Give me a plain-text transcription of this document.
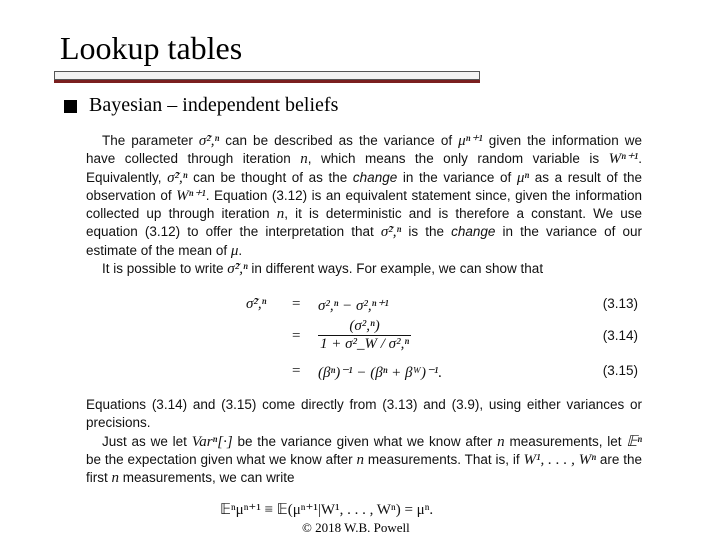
Lookup tables
Bayesian – independent beliefs

The parameter σ̃²,ⁿ can be described as the variance of μⁿ⁺¹ given the information we have collected through iteration n, which means the only random variable is Wⁿ⁺¹. Equivalently, σ̃²,ⁿ can be thought of as the change in the variance of μⁿ as a result of the observation of Wⁿ⁺¹. Equation (3.12) is an equivalent statement since, given the information collected up through iteration n, it is deterministic and is therefore a constant. We use equation (3.12) to offer the interpretation that σ̃²,ⁿ is the change in the variance of our estimate of the mean of μ.

It is possible to write σ̃²,ⁿ in different ways. For example, we can show that

σ̃²,ⁿ = σ²,ⁿ − σ²,ⁿ⁺¹	(3.13)
= $\frac{\text{(σ²,ⁿ)}}{\text{1 + σ²\_W / σ²,ⁿ}}$	(3.14)
= (βⁿ)⁻¹ − (βⁿ + βᵂ)⁻¹.	(3.15)

Equations (3.14) and (3.15) come directly from (3.13) and (3.9), using either variances or precisions.

Just as we let Varⁿ[·] be the variance given what we know after n measurements, let 𝔼ⁿ be the expectation given what we know after n measurements. That is, if W¹, . . . , Wⁿ are the first n measurements, we can write

𝔼ⁿμⁿ⁺¹ ≡ 𝔼(μⁿ⁺¹|W¹, . . . , Wⁿ) = μⁿ.
© 2018 W.B. Powell
